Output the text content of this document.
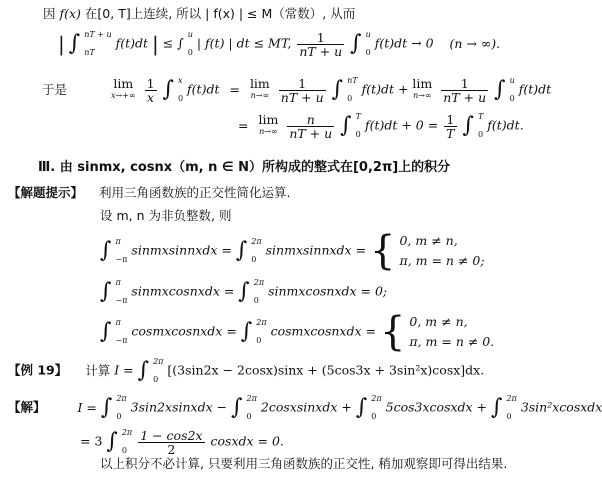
因 f(x) 在[0, T]上连续, 所以 | f(x) | ≤ M（常数）, 从而
| ∫ nT + u
nT
f(t)dt | ≤ ∫
u
0
| f(t) | dt ≤ MT, $\frac{1}{nT + u}$ ∫ u
0
f(t)dt → 0 (n → ∞).
于是	lim
x→+∞
$\frac{1}{x}$ ∫ x
0
f(t)dt = lim
n→∞
$\frac{1}{nT + u}$ ∫ nT
0
f(t)dt + lim
n→∞
$\frac{1}{nT + u}$ ∫ u
0
f(t)dt
= lim
n→∞
$\frac{n}{nT + u}$ ∫ T
0
$f(t)dt + 0 = \frac{1}{T}$ ∫ T
0
f(t)dt.
Ⅲ. 由 sinmx, cosnx（m, n ∈ N）所构成的整式在[0,2π]上的积分
【解题提示】 利用三角函数族的正交性简化运算.
设 m, n 为非负整数, 则
∫ π
−π
sinmxsinnxdx = ∫ 2π
0
sinmxsinnxdx = { 0, m ≠ n,
π, m = n ≠ 0;
∫ π
−π
sinmxcosnxdx = ∫ 2π
0
sinmxcosnxdx = 0;
∫ π
−π
cosmxcosnxdx = ∫ 2π
0
cosmxcosnxdx = { 0, m ≠ n,
π, m = n ≠ 0.
【例 19】 计算 I = ∫ 2π
0
[(3sin2x − 2cosx)sinx + (5cos3x + 3sin²x)cosx]dx.
【解】	I = ∫ 2π
0
3sin2xsinxdx − ∫ 2π
0
2cosxsinxdx + ∫ 2π
0
5cos3xcosxdx + ∫ 2π
0
3sin²xcosxdx
= 3 ∫ 2π
0
$\frac{1 - \cos 2x}{2}$ cosxdx = 0.
以上积分不必计算, 只要利用三角函数族的正交性, 稍加观察即可得出结果.
